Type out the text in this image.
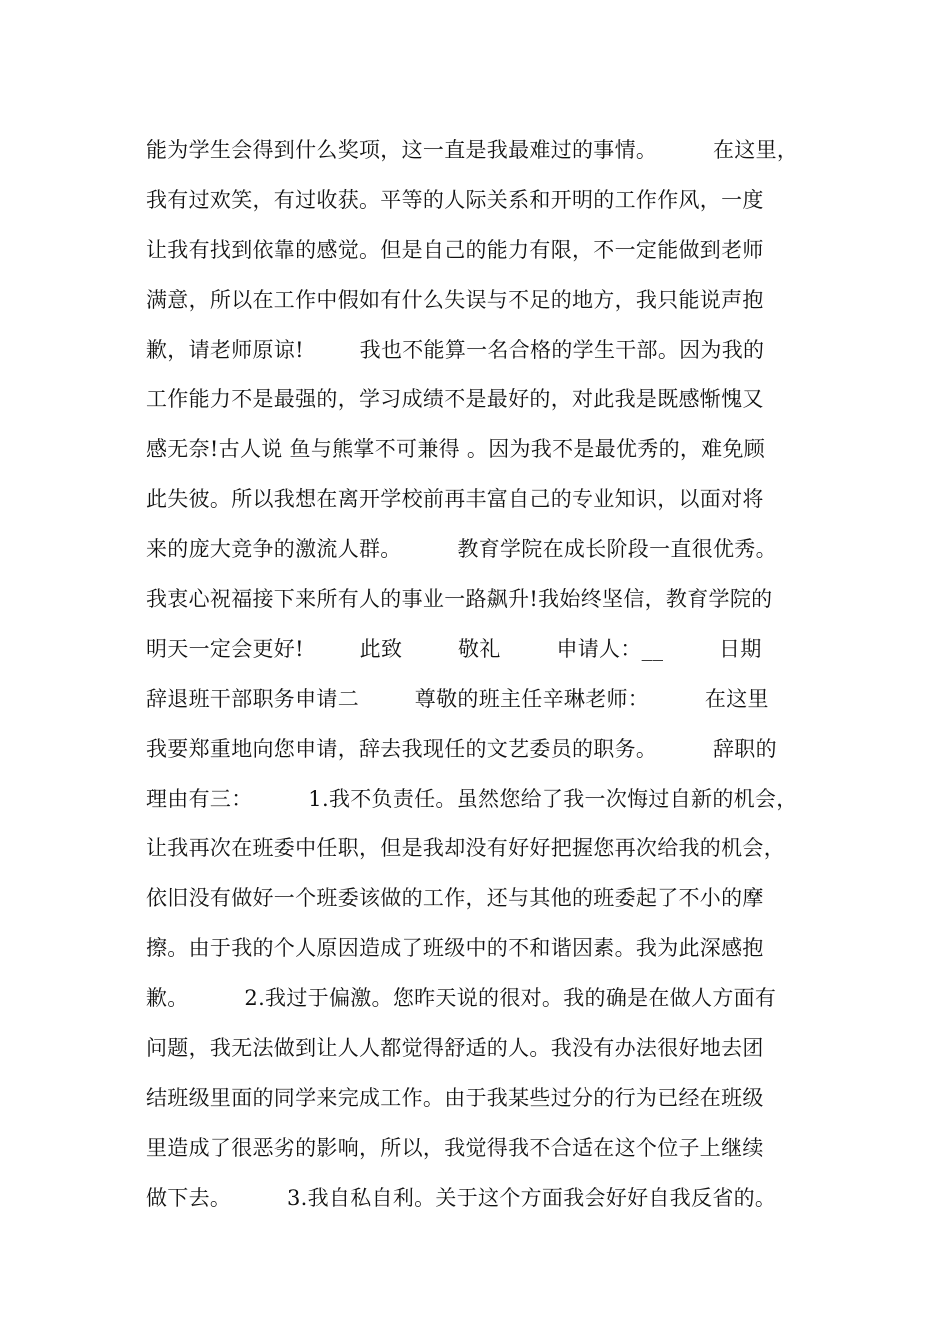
能为学生会得到什么奖项，这一直是我最难过的事情。        在这里，
我有过欢笑，有过收获。平等的人际关系和开明的工作作风，一度
让我有找到依靠的感觉。但是自己的能力有限，不一定能做到老师
满意，所以在工作中假如有什么失误与不足的地方，我只能说声抱
歉，请老师原谅!        我也不能算一名合格的学生干部。因为我的
工作能力不是最强的，学习成绩不是最好的，对此我是既感惭愧又
感无奈!古人说 鱼与熊掌不可兼得 。因为我不是最优秀的，难免顾
此失彼。所以我想在离开学校前再丰富自己的专业知识，以面对将
来的庞大竞争的激流人群。        教育学院在成长阶段一直很优秀。
我衷心祝福接下来所有人的事业一路飙升!我始终坚信，教育学院的
明天一定会更好!        此致        敬礼        申请人：__        日期
辞退班干部职务申请二        尊敬的班主任辛琳老师：        在这里
我要郑重地向您申请，辞去我现任的文艺委员的职务。        辞职的
理由有三：        1.我不负责任。虽然您给了我一次悔过自新的机会，
让我再次在班委中任职，但是我却没有好好把握您再次给我的机会，
依旧没有做好一个班委该做的工作，还与其他的班委起了不小的摩
擦。由于我的个人原因造成了班级中的不和谐因素。我为此深感抱
歉。        2.我过于偏激。您昨天说的很对。我的确是在做人方面有
问题，我无法做到让人人都觉得舒适的人。我没有办法很好地去团
结班级里面的同学来完成工作。由于我某些过分的行为已经在班级
里造成了很恶劣的影响，所以，我觉得我不合适在这个位子上继续
做下去。        3.我自私自利。关于这个方面我会好好自我反省的。
